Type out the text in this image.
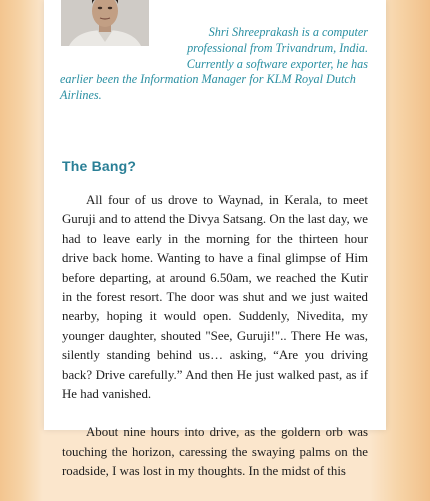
Shri Shreeprakash is a computer

professional from Trivandrum, India.

Currently a software exporter, he has

earlier been the Information Manager for KLM Royal Dutch Airlines.

The Bang?

All four of us drove to Waynad, in Kerala, to meet Guruji and to attend the Divya Satsang. On the last day, we had to leave early in the morning for the thirteen hour drive back home. Wanting to have a final glimpse of Him before departing, at around 6.50am, we reached the Kutir in the forest resort. The door was shut and we just waited nearby, hoping it would open. Suddenly, Nivedita, my younger daughter, shouted "See, Guruji!".. There He was, silently standing behind us… asking, “Are you driving back? Drive carefully.” And then He just walked past, as if He had vanished.

About nine hours into drive, as the goldern orb was touching the horizon, caressing the swaying palms on the roadside, I was lost in my thoughts. In the midst of this
